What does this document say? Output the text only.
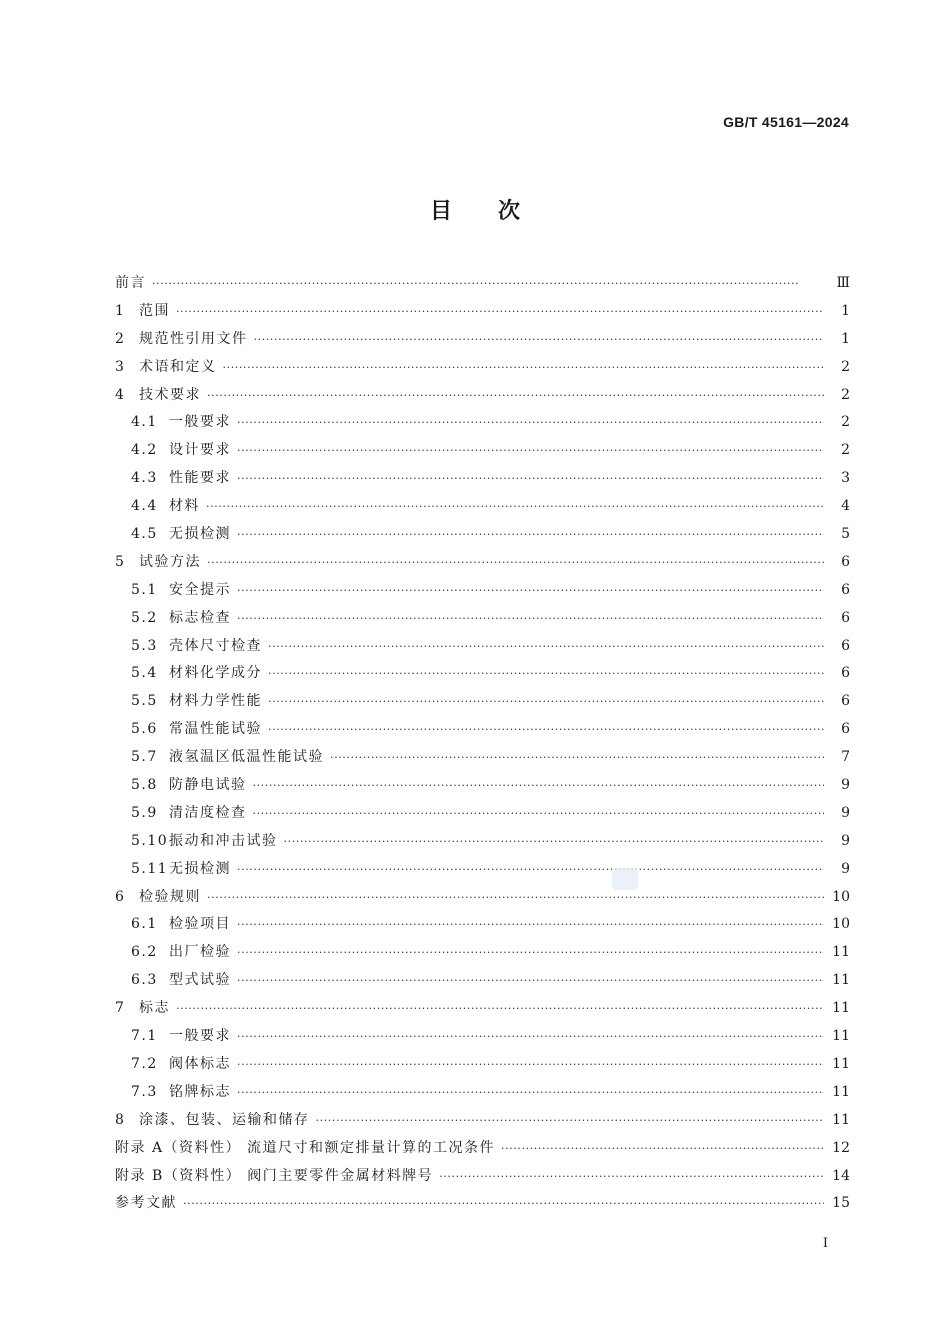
GB/T 45161—2024
目次
前言 ·····	Ⅲ
1 范围 ·····	1
2 规范性引用文件 ·····	1
3 术语和定义 ·····	2
4 技术要求 ·····	2
4.1 一般要求 ·····	2
4.2 设计要求 ·····	2
4.3 性能要求 ·····	3
4.4 材料 ·····	4
4.5 无损检测 ·····	5
5 试验方法 ·····	6
5.1 安全提示 ·····	6
5.2 标志检查 ·····	6
5.3 壳体尺寸检查 ·····	6
5.4 材料化学成分 ·····	6
5.5 材料力学性能 ·····	6
5.6 常温性能试验 ·····	6
5.7 液氢温区低温性能试验 ·····	7
5.8 防静电试验 ·····	9
5.9 清洁度检查 ·····	9
5.10 振动和冲击试验 ·····	9
5.11 无损检测 ·····	9
6 检验规则 ·····	10
6.1 检验项目 ·····	10
6.2 出厂检验 ·····	11
6.3 型式试验 ·····	11
7 标志 ·····	11
7.1 一般要求 ·····	11
7.2 阀体标志 ·····	11
7.3 铭牌标志 ·····	11
8 涂漆、包装、运输和储存 ·····	11
附录 A（资料性） 流道尺寸和额定排量计算的工况条件 ·····	12
附录 B（资料性） 阀门主要零件金属材料牌号 ·····	14
参考文献 ·····	15
I
